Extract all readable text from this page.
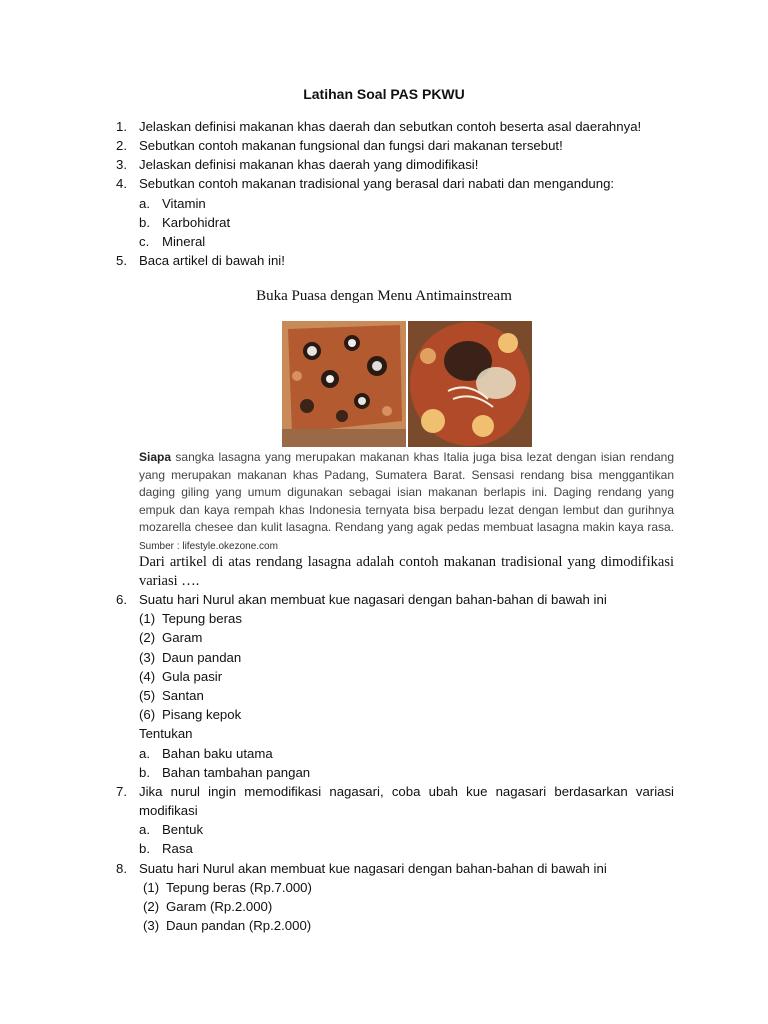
Latihan Soal PAS PKWU
1. Jelaskan definisi makanan khas daerah dan sebutkan contoh beserta asal daerahnya!
2. Sebutkan contoh makanan fungsional dan fungsi dari makanan tersebut!
3. Jelaskan definisi makanan khas daerah yang dimodifikasi!
4. Sebutkan contoh makanan tradisional yang berasal dari nabati dan mengandung:
a. Vitamin
b. Karbohidrat
c. Mineral
5. Baca artikel di bawah ini!
Buka Puasa dengan Menu Antimainstream
Siapa sangka lasagna yang merupakan makanan khas Italia juga bisa lezat dengan isian rendang yang merupakan makanan khas Padang, Sumatera Barat. Sensasi rendang bisa menggantikan daging giling yang umum digunakan sebagai isian makanan berlapis ini. Daging rendang yang empuk dan kaya rempah khas Indonesia ternyata bisa berpadu lezat dengan lembut dan gurihnya mozarella chesee dan kulit lasagna. Rendang yang agak pedas membuat lasagna makin kaya rasa. Sumber : lifestyle.okezone.com
Dari artikel di atas rendang lasagna adalah contoh makanan tradisional yang dimodifikasi variasi ….
6. Suatu hari Nurul akan membuat kue nagasari dengan bahan-bahan di bawah ini
(1) Tepung beras
(2) Garam
(3) Daun pandan
(4) Gula pasir
(5) Santan
(6) Pisang kepok
Tentukan
a. Bahan baku utama
b. Bahan tambahan pangan
7. Jika nurul ingin memodifikasi nagasari, coba ubah kue nagasari berdasarkan variasi modifikasi
a. Bentuk
b. Rasa
8. Suatu hari Nurul akan membuat kue nagasari dengan bahan-bahan di bawah ini
(1) Tepung beras (Rp.7.000)
(2) Garam (Rp.2.000)
(3) Daun pandan (Rp.2.000)
